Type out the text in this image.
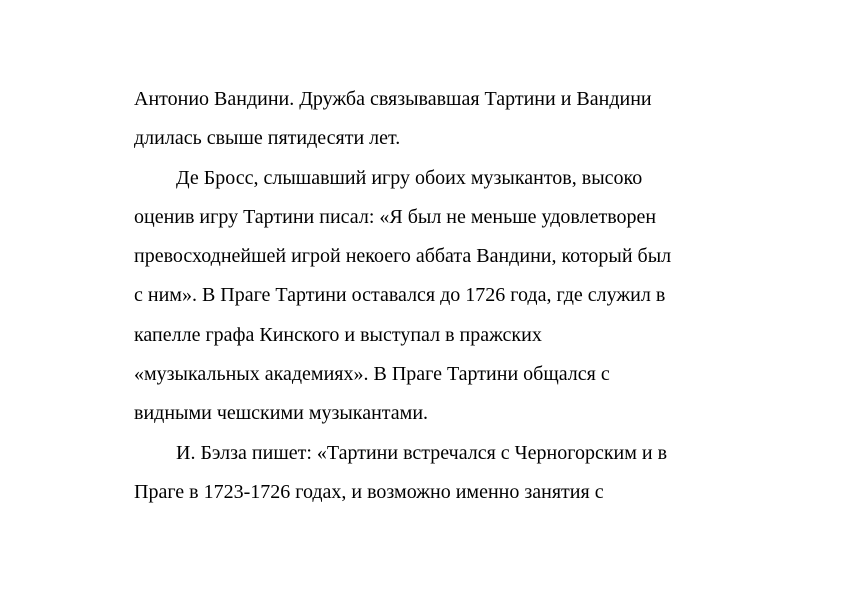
Антонио Вандини. Дружба связывавшая Тартини и Вандини
длилась свыше пятидесяти лет.
Де Бросс, слышавший игру обоих музыкантов, высоко
оценив игру Тартини писал: «Я был не меньше удовлетворен
превосходнейшей игрой некоего аббата Вандини, который был
с ним». В Праге Тартини оставался до 1726 года, где служил в
капелле графа Кинского и выступал в пражских
«музыкальных академиях». В Праге Тартини общался с
видными чешскими музыкантами.
И. Бэлза пишет: «Тартини встречался с Черногорским и в
Праге в 1723-1726 годах, и возможно именно занятия с
